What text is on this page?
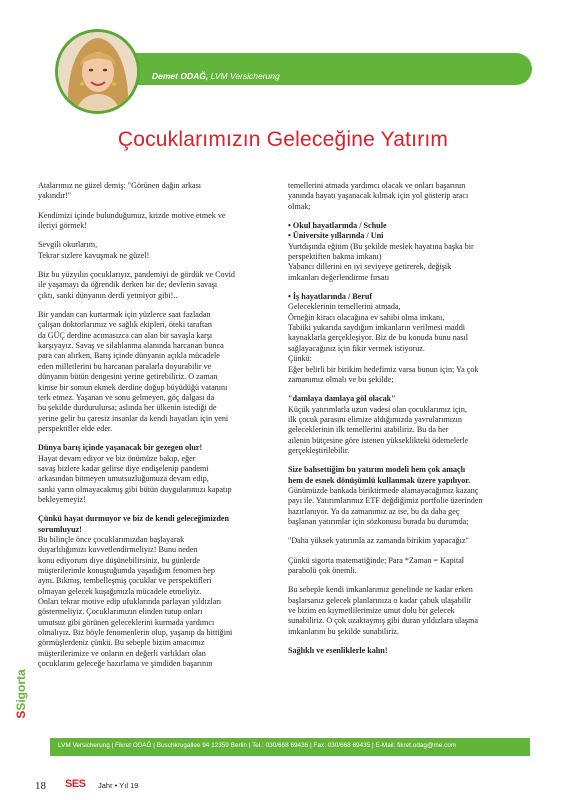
Demet ODAĞ, LVM Versicherung
Çocuklarımızın Geleceğine Yatırım

Atalarımız ne güzel demiş: "Görünen dağın arkası
yakındır!"

Kendimizi içinde bulunduğumuz, krizde motive etmek ve
ileriyi görmek!

Sevgili okurlarım,
Tekrar sizlere kavuşmak ne güzel!

Biz bu yüzyılın çocuklarıyız, pandemiyi de gördük ve Covid
ile yaşamayı da öğrendik derken bir de; devlerin savaşı
çıktı, sanki dünyanın derdi yetmiyor gibi!..

Bir yandan can kurtarmak için yüzlerce saat fazladan
çalışan doktorlarımız ve sağlık ekipleri, öteki taraftan
da GÜÇ derdine acımasızca can alan bir savaşla karşı
karşıyayız. Savaş ve silahlanma alanında harcanan bunca
para can alırken, Barış içinde dünyanın açıkla mücadele
eden milletlerini bu harcanan paralarla doyurabilir ve
dünyanın bütün dengesini yerine getirebiliriz. O zaman
kimse bir somun ekmek derdine doğup büyüdüğü vatanını
terk etmez. Yaşanan ve sonu gelmeyen, göç dalgası da
bu şekilde durdurulursa; aslında her ülkenin istediği de
yerine gelir bu çaresiz insanlar da kendi hayatları için yeni
perspektifler elde eder.

Dünya barış içinde yaşanacak bir gezegen olur!
Hayat devam ediyor ve biz önümüze bakıp, eğer
savaş bizlere kadar gelirse diye endişelenip pandemi
arkasından bitmeyen umutsuzluğumuza devam edip,
sanki yarın olmayacakmış gibi bütün duygularımızı kapatıp
bekleyemeyiz!

Çünkü hayat durmuyor ve biz de kendi geleceğimizden
sorumluyuz!
Bu bilinçle önce çocuklarımızdan başlayarak
duyarlılığımızı kuvvetlendirmeliyiz! Bunu neden
konu ediyorum diye düşünebilirsiniz, bu günlerde
müşterilerimle konuştuğumda yaşadığım fenomen hep
aynı. Bıkmış, tembelleşmiş çocuklar ve perspektifleri
olmayan gelecek kuşağımızla mücadele etmeliyiz.
Onları tekrar motive edip ufuklarında parlayan yıldızları
göstermeliyiz. Çocuklarımızın elinden tutup onları
umutsuz gibi görünen geleceklerini kurmada yardımcı
olmalıyız. Biz böyle fenomenlerin olup, yaşanıp da bittiğini
görmüşlerdeniz çünkü. Bu sebeple bizim amacımız
müşterilerimize ve onların en değerli varlıkları olan
çocuklarını geleceğe hazırlama ve şimdiden başarının

temellerini atmada yardımcı olacak ve onları başarının
yanında hayatı yaşanacak kılmak için yol gösterip aracı
olmak;

• Okul hayatlarında / Schule
• Üniversite yıllarında / Uni
Yurtdışında eğitim (Bu şekilde meslek hayatına başka bir
perspektiften bakma imkanı)
Yabancı dillerini en iyi seviyeye getirerek, değişik
imkanları değerlendirme fırsatı

• İş hayatlarında / Beruf
Geleceklerinin temellerini atmada,
Örneğin kiracı olacağına ev sahibi olma imkanı,
Tabiiki yukarıda saydığım imkanların verilmesi maddi
kaynaklarla gerçekleşiyor. Biz de bu konuda bunu nasıl
sağlayacağınız için fikir vermek istiyoruz.
Çünkü:
Eğer belirli bir birikim hedefimiz varsa bunun için; Ya çok
zamanımız olmalı ve bu şekilde;

"damlaya damlaya göl olacak"
Küçük yatırımlarla uzun vadesi olan çocuklarımız için,
ilk çocuk parasını elimize aldığımızda yavrularımızın
geleceklerinin ilk temellerini atabiliriz. Bu da her
ailenin bütçesine göre istenen yükseklikteki ödemelerle
gerçekleştirilebilir.

Size bahsettiğim bu yatırım modeli hem çok amaçlı
hem de esnek dönüşümlü kullanmak üzere yapılıyor.
Günümüzde bankada biriktirmede alamayacağımız kazanç
payı ile. Yatırımlarımız ETF değdiğimiz portfolie üzerinden
hazırlanıyor. Ya da zamanımız az ise, bu da daha geç
başlanan yatırımlar için sözkonusu burada bu durumda;

"Daha yüksek yatırımla az zamanda birikim yapacağız"

Çünkü sigorta matematiğinde; Para *Zaman = Kapital
parabolü çok önemli.

Bu sebeple kendi imkanlarımız genelinde ne kadar erken
başlarsanız gelecek planlarınıza o kadar çabuk ulaşabilir
ve bizim en kıymetlilerimize umut dolu bir gelecek
sunabiliriz. O çok uzaktaymış gibi duran yıldızlara ulaşma
imkanlarını bu şekilde sunabiliriz.

Sağlıklı ve esenliklerle kalın!

SSigorta
LVM Versicherung | Fikret ODAĞ | Buschkrugallee 94 12359 Berlin | Tel.: 030/668 69436 | Fax: 030/668 69435 | E-Mail: fikret.odag@me.com
18 SES Jahr • Yıl 19
